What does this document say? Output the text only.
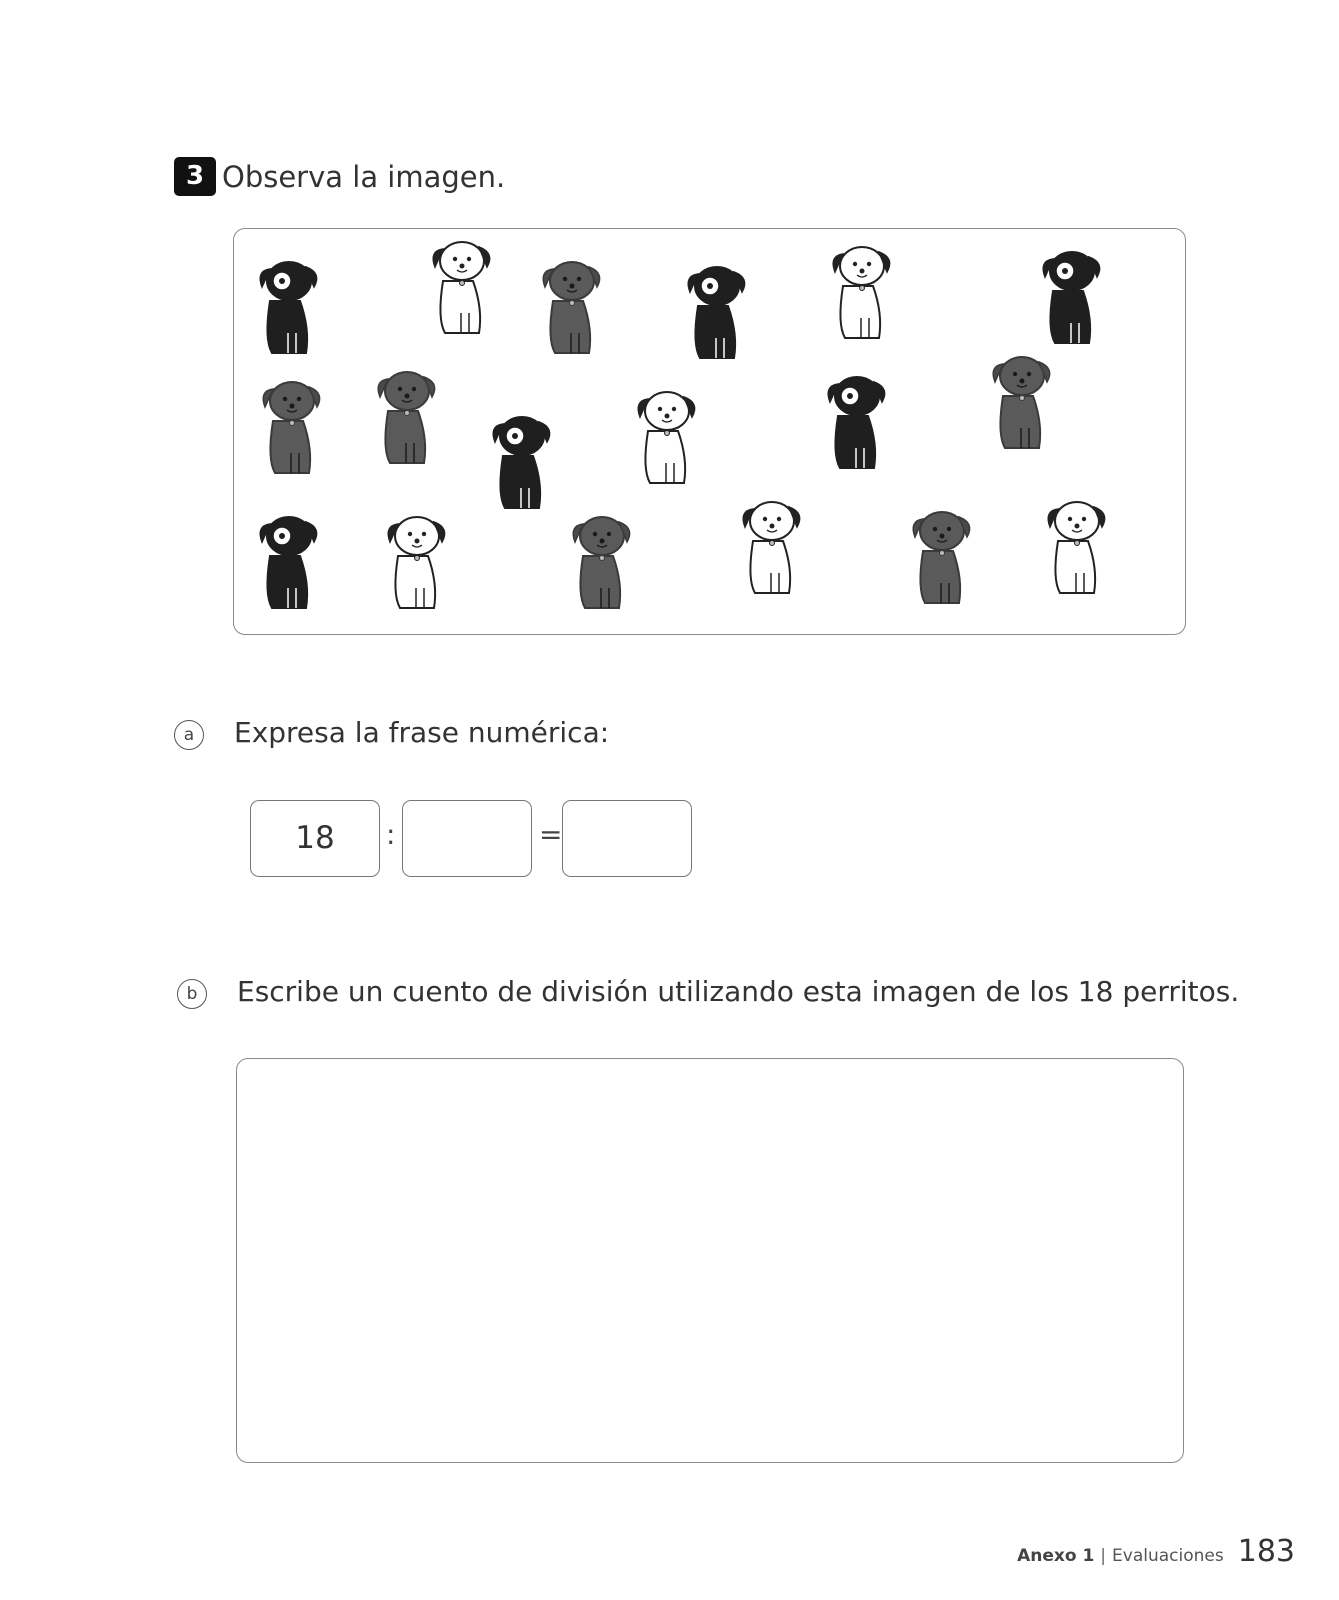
3 Observa la imagen.
a	Expresa la frase numérica:
18	:	=
b	Escribe un cuento de división utilizando esta imagen de los 18 perritos.
Anexo 1 | Evaluaciones 183
